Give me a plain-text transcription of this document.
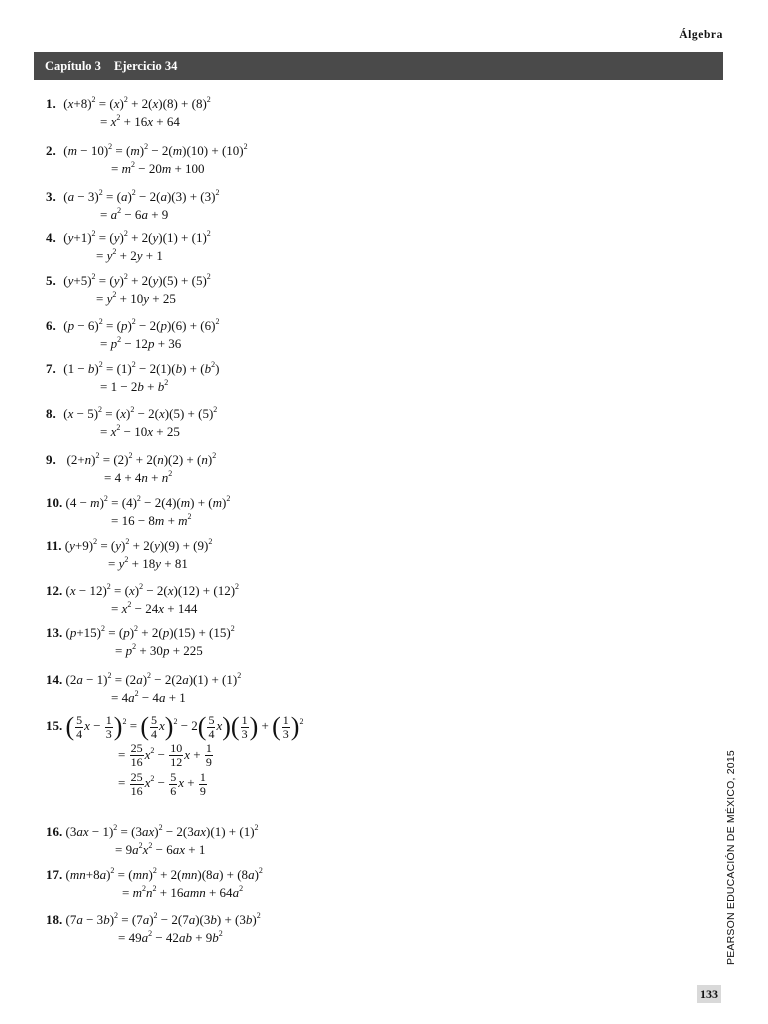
Álgebra
Capítulo 3 Ejercicio 34
1. $(x+8)^2 = (x)^2 + 2(x)(8) + (8)^2$
= $x^2 + 16x + 64$
2. $(m - 10)^2 = (m)^2 - 2(m)(10) + (10)^2$
= $m^2 - 20m + 100$
3. $(a - 3)^2 = (a)^2 - 2(a)(3) + (3)^2$
= $a^2 - 6a + 9$
4. $(y+1)^2 = (y)^2 + 2(y)(1) + (1)^2$
= $y^2 + 2y + 1$
5. $(y+5)^2 = (y)^2 + 2(y)(5) + (5)^2$
= $y^2 + 10y + 25$
6. $(p - 6)^2 = (p)^2 - 2(p)(6) + (6)^2$
= $p^2 - 12p + 36$
7. $(1 - b)^2 = (1)^2 - 2(1)(b) + (b^2)$
= $1 - 2b + b^2$
8. $(x - 5)^2 = (x)^2 - 2(x)(5) + (5)^2$
= $x^2 - 10x + 25$
9.  $(2+n)^2 = (2)^2 + 2(n)(2) + (n)^2$
= $4 + 4n + n^2$
10. $(4 - m)^2 = (4)^2 - 2(4)(m) + (m)^2$
= $16 - 8m + m^2$
11. $(y+9)^2 = (y)^2 + 2(y)(9) + (9)^2$
= $y^2 + 18y + 81$
12. $(x - 12)^2 = (x)^2 - 2(x)(12) + (12)^2$
= $x^2 - 24x + 144$
13. $(p+15)^2 = (p)^2 + 2(p)(15) + (15)^2$
= $p^2 + 30p + 225$
14. $(2a - 1)^2 = (2a)^2 - 2(2a)(1) + (1)^2$
= $4a^2 - 4a + 1$
15. ( $\frac{5}{4}$ $x - \frac{1}{3} )^2$ = ( $\frac{5}{4} x)^2 - 2( \frac{5}{4} x)( \frac{1}{3}$ ) + ( $\frac{1}{3} )^2$
= $\frac{25}{16} x^2 - \frac{10}{12}$ $x + \frac{1}{9}$
= $\frac{25}{16} x^2 - \frac{5}{6}$ $x + \frac{1}{9}$
16. $(3ax - 1)^2 = (3ax)^2 - 2(3ax)(1) + (1)^2$
= $9a^2x^2 - 6ax + 1$
17. $(mn+8a)^2 = (mn)^2 + 2(mn)(8a) + (8a)^2$
= $m^2n^2 + 16amn + 64a^2$
18. $(7a - 3b)^2 = (7a)^2 - 2(7a)(3b) + (3b)^2$
= $49a^2 - 42ab + 9b^2$	PEARSON EDUCACIÓN DE MÉXICO, 2015
133
